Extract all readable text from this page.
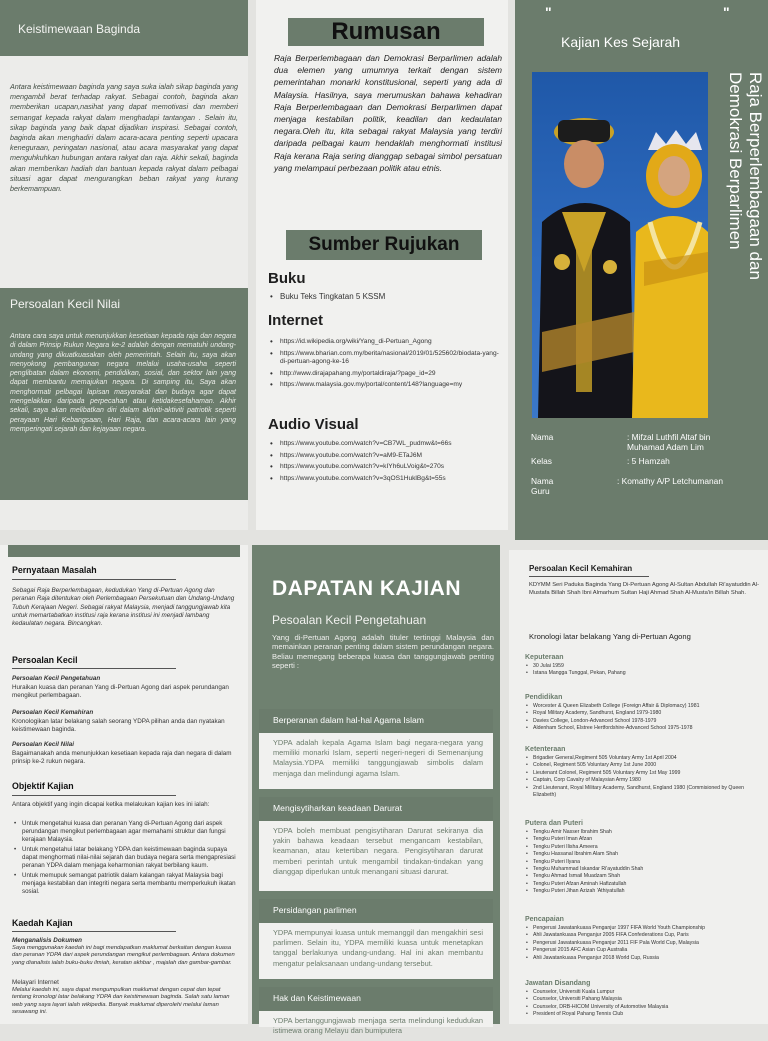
Keistimewaan Baginda
Antara keistimewaan baginda yang saya suka ialah sikap baginda yang mengambil berat terhadap rakyat. Sebagai contoh, baginda akan memberikan ucapan,nasihat yang dapat memotivasi dan memberi semangat kepada rakyat dalam menghadapi tantangan . Selain itu, sikap baginda yang baik dapat dijadikan inspirasi. Sebagai contoh, baginda akan menghadiri dalam acara-acara penting seperti upacara keneguraan, peringatan nasional, atau acara masyarakat yang dapat menguhkuhkan hubungan antara rakyat dan raja. Akhir sekali, baginda akan memberikan hadiah dan bantuan kepada rakyat dalam pelbagai situasi agar dapat mengurangkan beban rakyat yang kurang berkemampuan.
Persoalan Kecil Nilai
Antara cara saya untuk menunjukkan kesetiaan kepada raja dan negara di dalam Prinsip Rukun Negara ke-2 adalah dengan mematuhi undang-undang yang dikuatkuasakan oleh pemerintah. Selain itu, saya akan menyokong pembangunan negara melalui usaha-usaha seperti penglibatan dalam ekonomi, pendidikan, sosial, dan sektor lain yang dapat membantu memajukan negara. Di samping itu, Saya akan menghormati pelbagai lapisan masyarakat dan budaya agar dapat mengelakkan daripada perpecahan atau ketidakesefahaman. Akhir sekali, saya akan melibatkan diri dalam aktiviti-aktiviti patriotik seperti perayaan Hari Kebangsaan, Hari Raja, dan acara-acara lain yang memperingati sejarah dan kejayaan negara.
Rumusan
Raja Berperlembagaan dan Demokrasi Berparlimen adalah dua elemen yang umumnya terkait dengan sistem pemerintahan monarki konstitusional, seperti yang ada di Malaysia. Hasilnya, saya merumuskan bahawa kehadiran Raja Berperlembagaan dan Demokrasi Berparlimen dapat menjaga kestabilan politik, keadilan dan kedaulatan negara.Oleh itu, kita sebagai rakyat Malaysia yang terdiri daripada pelbagai kaum hendaklah menghormati institusi Raja kerana Raja sering dianggap sebagai simbol persatuan yang melampaui perbezaan politik atau etnis.
Sumber Rujukan
Buku
• Buku Teks Tingkatan 5 KSSM
Internet
• https://id.wikipedia.org/wiki/Yang_di-Pertuan_Agong
• https://www.bharian.com.my/berita/nasional/2019/01/525602/biodata-yang-di-pertuan-agong-ke-16
• http://www.dirajapahang.my/portaldiraja/?page_id=29
• https://www.malaysia.gov.my/portal/content/148?language=my
Audio Visual
• https://www.youtube.com/watch?v=CB7WL_pudmw&t=66s
• https://www.youtube.com/watch?v=aM9-ETaJ6M
• https://www.youtube.com/watch?v=kIYh6uLVoig&t=270s
• https://www.youtube.com/watch?v=3qOS1HuklBg&t=55s
"	"
Kajian Kes Sejarah
Raja Berperlembagaan dan Demokrasi Berparlimen
Nama	: Mifzal Luthfil Altaf bin Muhamad Adam Lim
Kelas	: 5 Hamzah
Nama Guru
: Komathy A/P Letchumanan
Pernyataan Masalah
Sebagai Raja Berperlembagaan, kedudukan Yang di-Pertuan Agong dan peranan Raja ditentukan oleh Perlembagaan Persekutuan dan Undang-Undang Tubuh Kerajaan Negeri. Sebagai rakyat Malaysia, menjadi tanggungjawab kita untuk memartabatkan institusi raja kerana institusi ini menjadi lambang kedaulatan negara. Bincangkan.
Persoalan Kecil
Persoalan Kecil Pengetahuan
Huraikan kuasa dan peranan Yang di-Pertuan Agong dari aspek perundangan mengikut perlembagaan.
Persoalan Kecil Kemahiran
Kronologikan latar belakang salah seorang YDPA pilihan anda dan nyatakan keistimewaan baginda.
Persoalan Kecil Nilai
Bagaimanakah anda menunjukkan kesetiaan kepada raja dan negara di dalam prinsip ke-2 rukun negara.
Objektif Kajian
Antara objektif yang ingin dicapai ketika melakukan kajian kes ini ialah:
• Untuk mengetahui kuasa dan peranan Yang di-Pertuan Agong dari aspek perundangan mengikut perlembagaan agar memahami struktur dan fungsi kerajaan Malaysia.
• Untuk mengetahui latar belakang YDPA dan keistimewaan baginda supaya dapat menghormati nilai-nilai sejarah dan budaya negara serta mengapresiasi peranan YDPA dalam menjaga keharmonian rakyat berbilang kaum.
• Untuk memupuk semangat patriotik dalam kalangan rakyat Malaysia bagi menjaga kestabilan dan integriti negara serta membantu memperkukuh ikatan sosial.
Kaedah Kajian
Menganalisis Dokumen
Saya menggunakan kaedah ini bagi mendapatkan maklumat berkaitan dengan kuasa dan peranan YDPA dari aspek perundangan mengikut perlembagaan. Antara dokumen yang dianalisis ialah buku-buku ilmiah, keratan akhbar , majalah dan gambar-gambar.
Melayari Internet
Melalui kaedah ini, saya dapat mengumpulkan maklumat dengan cepat dan tepat tentang kronologi latar belakang YDPA dan keistimewaan baginda. Salah satu laman web yang saya layari ialah wikipedia. Banyak maklumat diperolehi melalui laman sesawang ini.
DAPATAN KAJIAN
Pesoalan Kecil Pengetahuan
Yang di-Pertuan Agong adalah tituler tertinggi Malaysia dan memainkan peranan penting dalam sistem perundangan negara. Beliau memegang beberapa kuasa dan tanggungjawab penting seperti :
Berperanan dalam hal-hal Agama Islam
YDPA adalah kepala Agama Islam bagi negara-negara yang memiliki monarki Islam, seperti negeri-negeri di Semenanjung Malaysia.YDPA memiliki tanggungjawab simbolis dalam menjaga dan melindungi agama Islam.
Mengisytiharkan keadaan Darurat
YDPA boleh membuat pengisytiharan Darurat sekiranya dia yakin bahawa keadaan tersebut mengancam kestabilan, keamanan, atau ketertiban negara. Pengisytiharan darurat memberi perintah untuk mengambil tindakan-tindakan yang dianggap diperlukan untuk menangani situasi darurat.
Persidangan parlimen
YDPA mempunyai kuasa untuk memanggil dan mengakhiri sesi parlimen. Selain itu, YDPA memiliki kuasa untuk menetapkan tanggal berlakunya undang-undang. Hal ini akan membantu mengatur pelaksanaan undang-undang tersebut.
Hak dan Keistimewaan
YDPA bertanggungjawab menjaga serta melindungi kedudukan istimewa orang Melayu dan bumiputera
Persoalan Kecil Kemahiran
KDYMM Seri Paduka Baginda Yang Di-Pertuan Agong Al-Sultan Abdullah Ri'ayatuddin Al-Mustafa Billah Shah Ibni Almarhum Sultan Haji Ahmad Shah Al-Musta'in Billah Shah.
Kronologi latar belakang Yang di-Pertuan Agong
Keputeraan
• 30 Julai 1959
• Istana Mangga Tunggal, Pekan, Pahang
Pendidikan
• Worcester & Queen Elizabeth College (Foreign Affair & Diplomacy) 1981
• Royal Military Academy, Sandhurst, England 1979-1980
• Davies College, London-Advanced School 1978-1979
• Aldenham School, Elstree Hertfordshire-Advanced School 1975-1978
Ketenteraan
• Brigadier General,Regiment 505 Voluntary Army 1st April 2004
• Colonel, Regiment 505 Voluntary Army 1st June 2000
• Lieutenant Colonel, Regiment 505 Voluntary Army 1st May 1999
• Captain, Corp Cavalry of Malaysian Army 1980
• 2nd Lieutenant, Royal Military Academy, Sandhurst, England 1980 (Commisioned by Queen Elizabeth)
Putera dan Puteri
• Tengku Amir Nasser Ibrahim Shah
• Tengku Puteri Iman Afzan
• Tengku Puteri Ilisha Ameera
• Tengku Hassanal Ibrahim Alam Shah
• Tengku Puteri Ilyana
• Tengku Muhammad Iskandar Ri'ayatuddin Shah
• Tengku Ahmad Ismail Muadzam Shah
• Tengku Puteri Afzan Aminah Hafizatullah
• Tengku Puteri Jihan Azizah 'Athiyatullah
Pencapaian
• Pengerusi Jawatankuasa Penganjur 1997 FIFA World Youth Championship
• Ahli Jawatankuasa Penganjur 2005 FIFA Confederations Cup, Paris
• Pengerusi Jawatankuasa Penganjur 2011 FIF Pala World Cup, Malaysia
• Pengerusi 2015 AFC Asian Cup Australia
• Ahli Jawatankuasa Penganjur 2018 World Cup, Russia
Jawatan Disandang
• Counselor, Universiti Kuala Lumpur
• Counselor, Universiti Pahang Malaysia
• Counselor, DRB-HICOM University of Automotive Malaysia
• President of Royal Pahang Tennis Club
